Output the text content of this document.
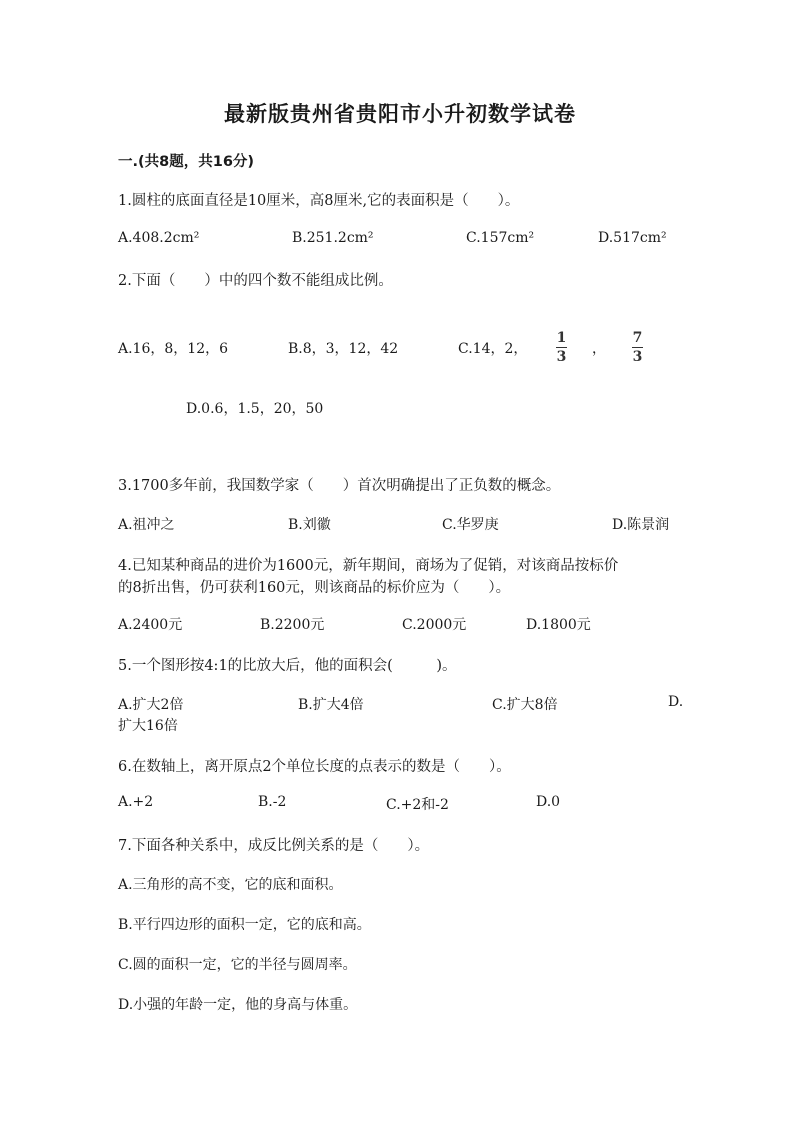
最新版贵州省贵阳市小升初数学试卷
一.(共8题，共16分)
1.圆柱的底面直径是10厘米，高8厘米,它的表面积是（　　）。
A.408.2cm²	B.251.2cm²	C.157cm²	D.517cm²
2.下面（　　）中的四个数不能组成比例。
A.16，8，12，6	B.8，3，12，42	C.14，2，
1
3 ，
7
3
D.0.6，1.5，20，50
3.1700多年前，我国数学家（　　）首次明确提出了正负数的概念。
A.祖冲之	B.刘徽	C.华罗庚	D.陈景润
4.已知某种商品的进价为1600元，新年期间，商场为了促销，对该商品按标价
的8折出售，仍可获利160元，则该商品的标价应为（　　）。
A.2400元	B.2200元	C.2000元	D.1800元
5.一个图形按4:1的比放大后，他的面积会(　　　)。
A.扩大2倍	B.扩大4倍	C.扩大8倍	D.
扩大16倍
6.在数轴上，离开原点2个单位长度的点表示的数是（　　）。
A.+2	B.-2	C.+2和-2	D.0
7.下面各种关系中，成反比例关系的是（　　）。
A.三角形的高不变，它的底和面积。
B.平行四边形的面积一定，它的底和高。
C.圆的面积一定，它的半径与圆周率。
D.小强的年龄一定，他的身高与体重。
